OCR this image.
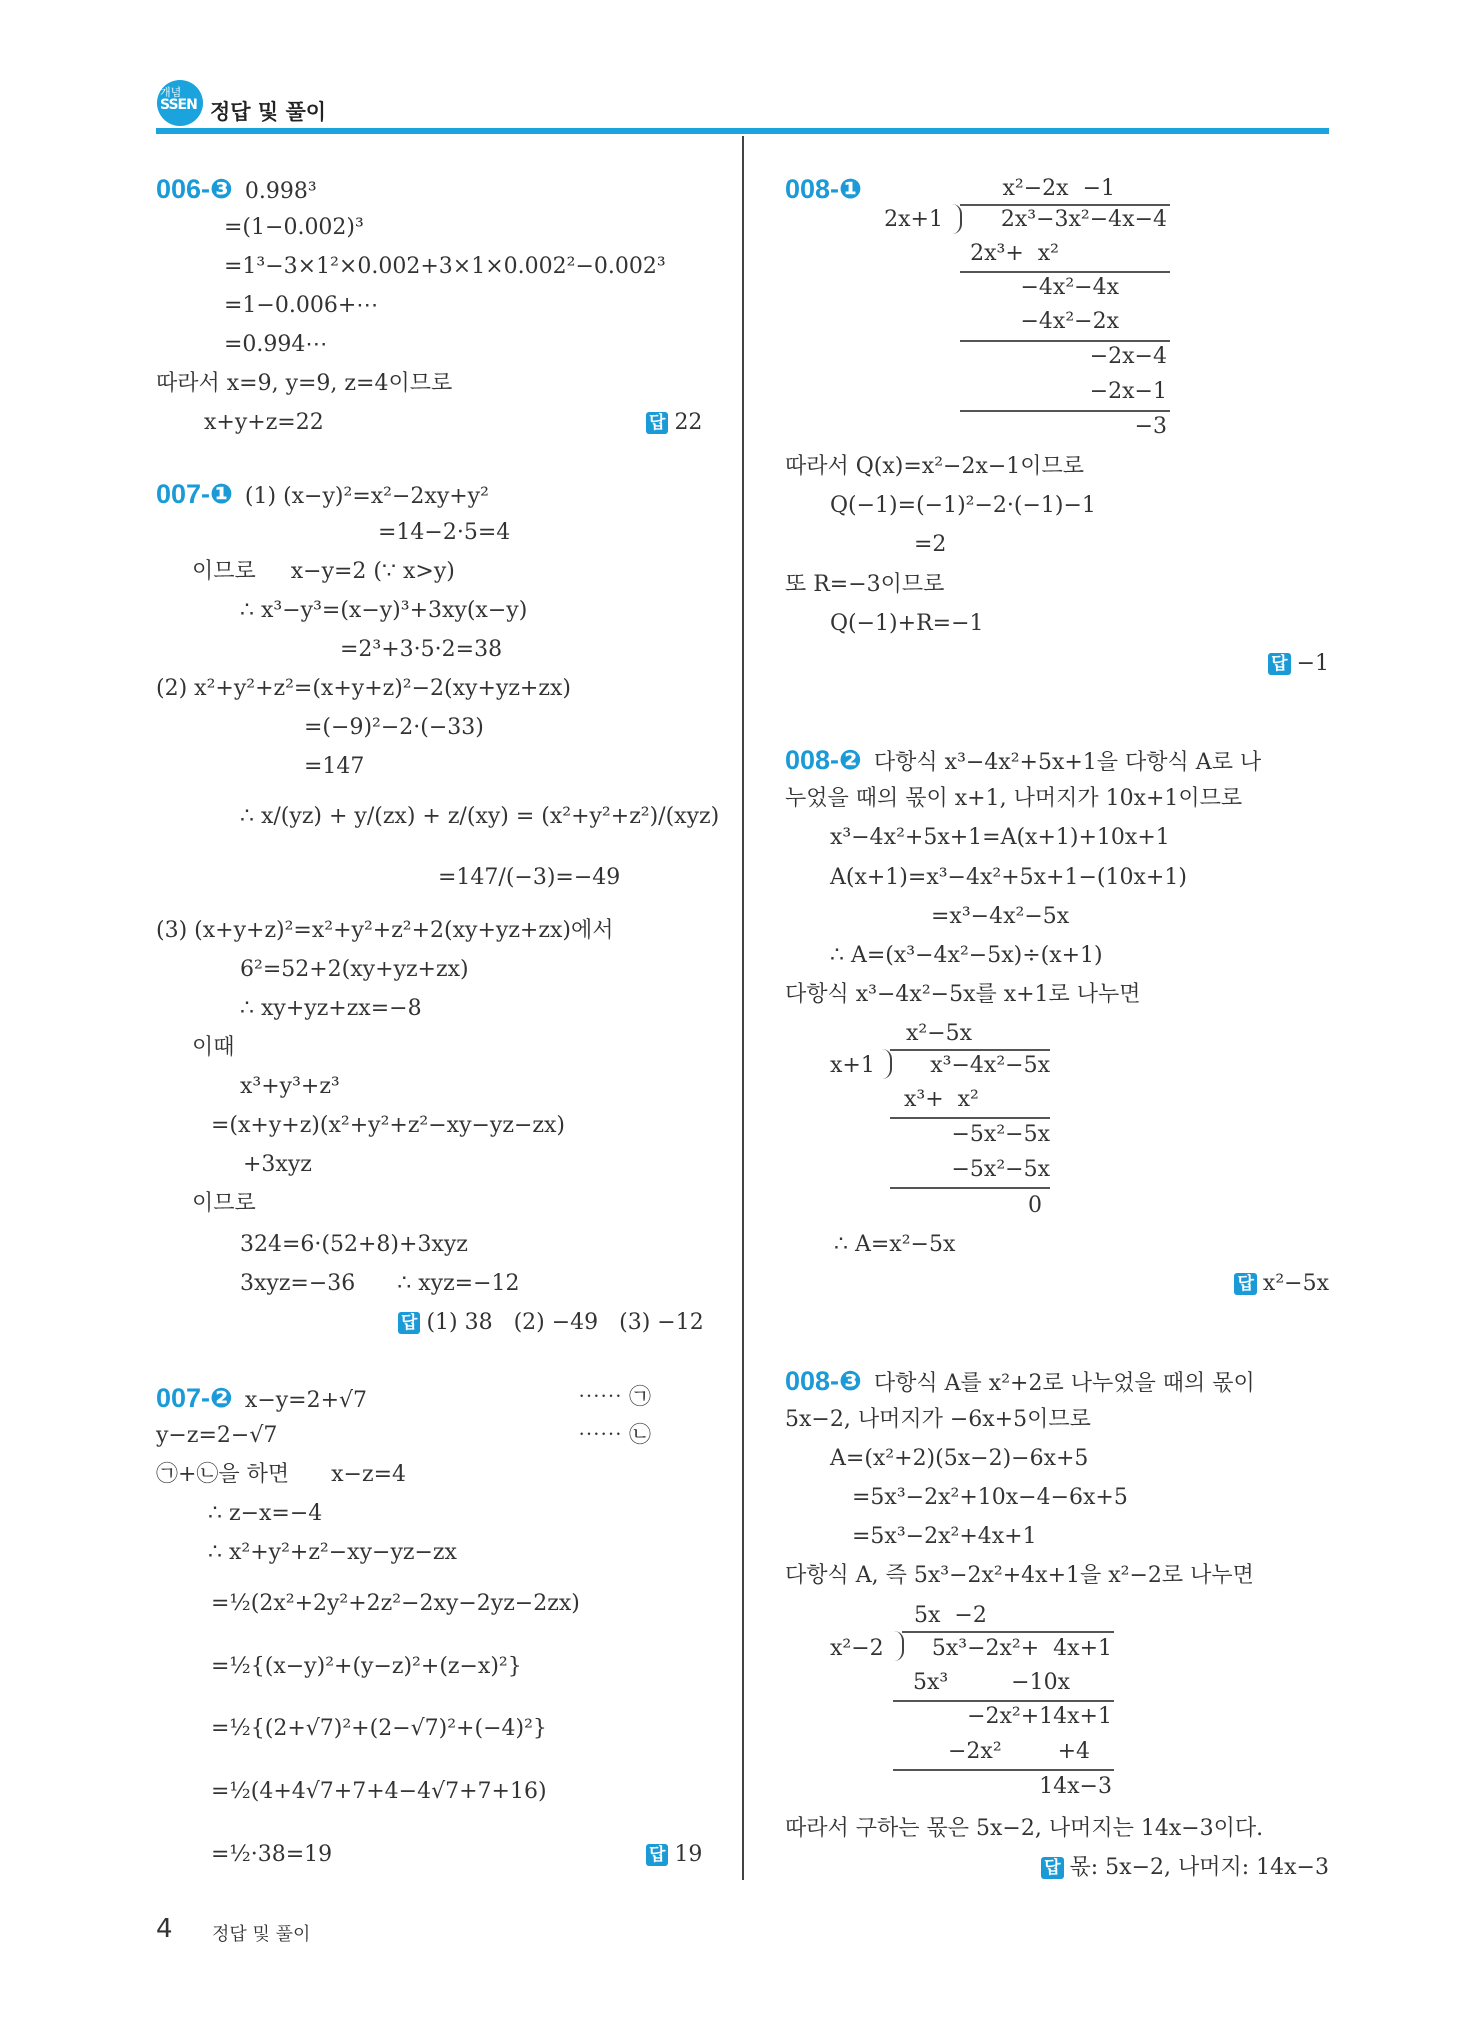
개념
SSEN 정답 및 풀이
006-❸ 0.998³
=(1−0.002)³
=1³−3×1²×0.002+3×1×0.002²−0.002³
=1−0.006+⋯
=0.994⋯
따라서 x=9, y=9, z=4이므로
x+y+z=22	답 22
007-❶ (1) (x−y)²=x²−2xy+y²
=14−2·5=4
이므로     x−y=2 (∵ x>y)
∴ x³−y³=(x−y)³+3xy(x−y)
=2³+3·5·2=38
(2) x²+y²+z²=(x+y+z)²−2(xy+yz+zx)
=(−9)²−2·(−33)
=147
∴ x/(yz) + y/(zx) + z/(xy) = (x²+y²+z²)/(xyz)
=147/(−3)=−49
(3) (x+y+z)²=x²+y²+z²+2(xy+yz+zx)에서
6²=52+2(xy+yz+zx)
∴ xy+yz+zx=−8
이때
x³+y³+z³
=(x+y+z)(x²+y²+z²−xy−yz−zx)
+3xyz
이므로
324=6·(52+8)+3xyz
3xyz=−36      ∴ xyz=−12
답 (1) 38   (2) −49   (3) −12
007-❷ x−y=2+√7	⋯⋯ ㉠
y−z=2−√7	⋯⋯ ㉡
㉠+㉡을 하면      x−z=4
∴ z−x=−4
∴ x²+y²+z²−xy−yz−zx
=½(2x²+2y²+2z²−2xy−2yz−2zx)
=½{(x−y)²+(y−z)²+(z−x)²}
=½{(2+√7)²+(2−√7)²+(−4)²}
=½(4+4√7+7+4−4√7+7+16)
=½·38=19	답 19
008-❶	x²−2x  −1
2x+1	2x³−3x²−4x−4
2x³+  x²
−4x²−4x
−4x²−2x
−2x−4
−2x−1
−3
따라서 Q(x)=x²−2x−1이므로
Q(−1)=(−1)²−2·(−1)−1
=2
또 R=−3이므로
Q(−1)+R=−1
답 −1
008-❷ 다항식 x³−4x²+5x+1을 다항식 A로 나
누었을 때의 몫이 x+1, 나머지가 10x+1이므로
x³−4x²+5x+1=A(x+1)+10x+1
A(x+1)=x³−4x²+5x+1−(10x+1)
=x³−4x²−5x
∴ A=(x³−4x²−5x)÷(x+1)
다항식 x³−4x²−5x를 x+1로 나누면
x²−5x
x+1	x³−4x²−5x
x³+  x²
−5x²−5x
−5x²−5x
0
∴ A=x²−5x
답 x²−5x
008-❸ 다항식 A를 x²+2로 나누었을 때의 몫이
5x−2, 나머지가 −6x+5이므로
A=(x²+2)(5x−2)−6x+5
=5x³−2x²+10x−4−6x+5
=5x³−2x²+4x+1
다항식 A, 즉 5x³−2x²+4x+1을 x²−2로 나누면
5x  −2
x²−2 5x³−2x²+  4x+1
5x³         −10x
−2x²+14x+1
−2x²        +4
14x−3
따라서 구하는 몫은 5x−2, 나머지는 14x−3이다.
답 몫: 5x−2, 나머지: 14x−3
4 정답 및 풀이
